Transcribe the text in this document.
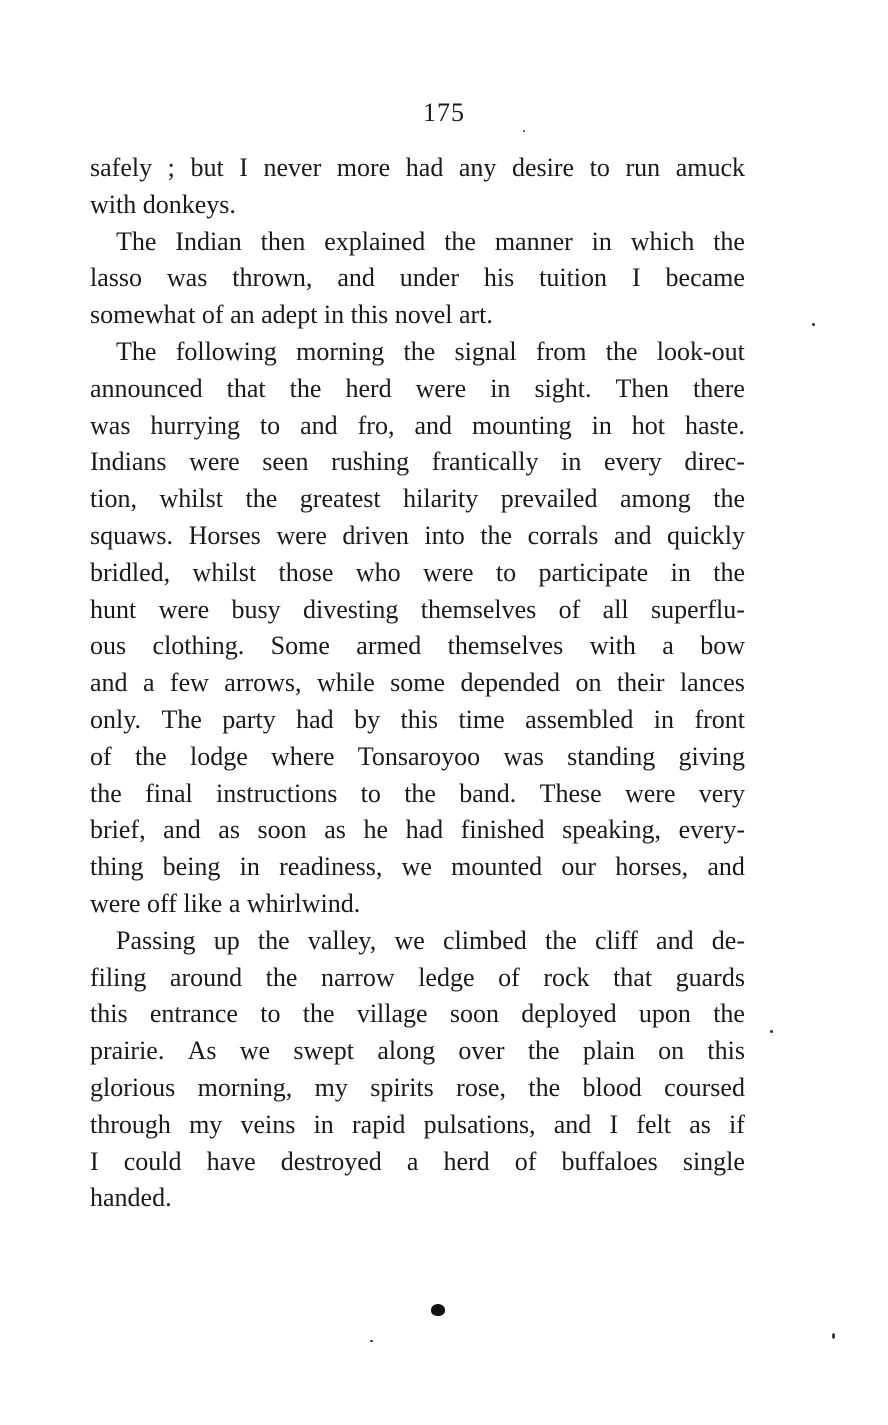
175
safely ; but I never more had any desire to run amuck
with donkeys.
The Indian then explained the manner in which the
lasso was thrown, and under his tuition I became
somewhat of an adept in this novel art.
The following morning the signal from the look-out
announced that the herd were in sight. Then there
was hurrying to and fro, and mounting in hot haste.
Indians were seen rushing frantically in every direc-
tion, whilst the greatest hilarity prevailed among the
squaws. Horses were driven into the corrals and quickly
bridled, whilst those who were to participate in the
hunt were busy divesting themselves of all superflu-
ous clothing. Some armed themselves with a bow
and a few arrows, while some depended on their lances
only. The party had by this time assembled in front
of the lodge where Tonsaroyoo was standing giving
the final instructions to the band. These were very
brief, and as soon as he had finished speaking, every-
thing being in readiness, we mounted our horses, and
were off like a whirlwind.
Passing up the valley, we climbed the cliff and de-
filing around the narrow ledge of rock that guards
this entrance to the village soon deployed upon the
prairie. As we swept along over the plain on this
glorious morning, my spirits rose, the blood coursed
through my veins in rapid pulsations, and I felt as if
I could have destroyed a herd of buffaloes single
handed.
